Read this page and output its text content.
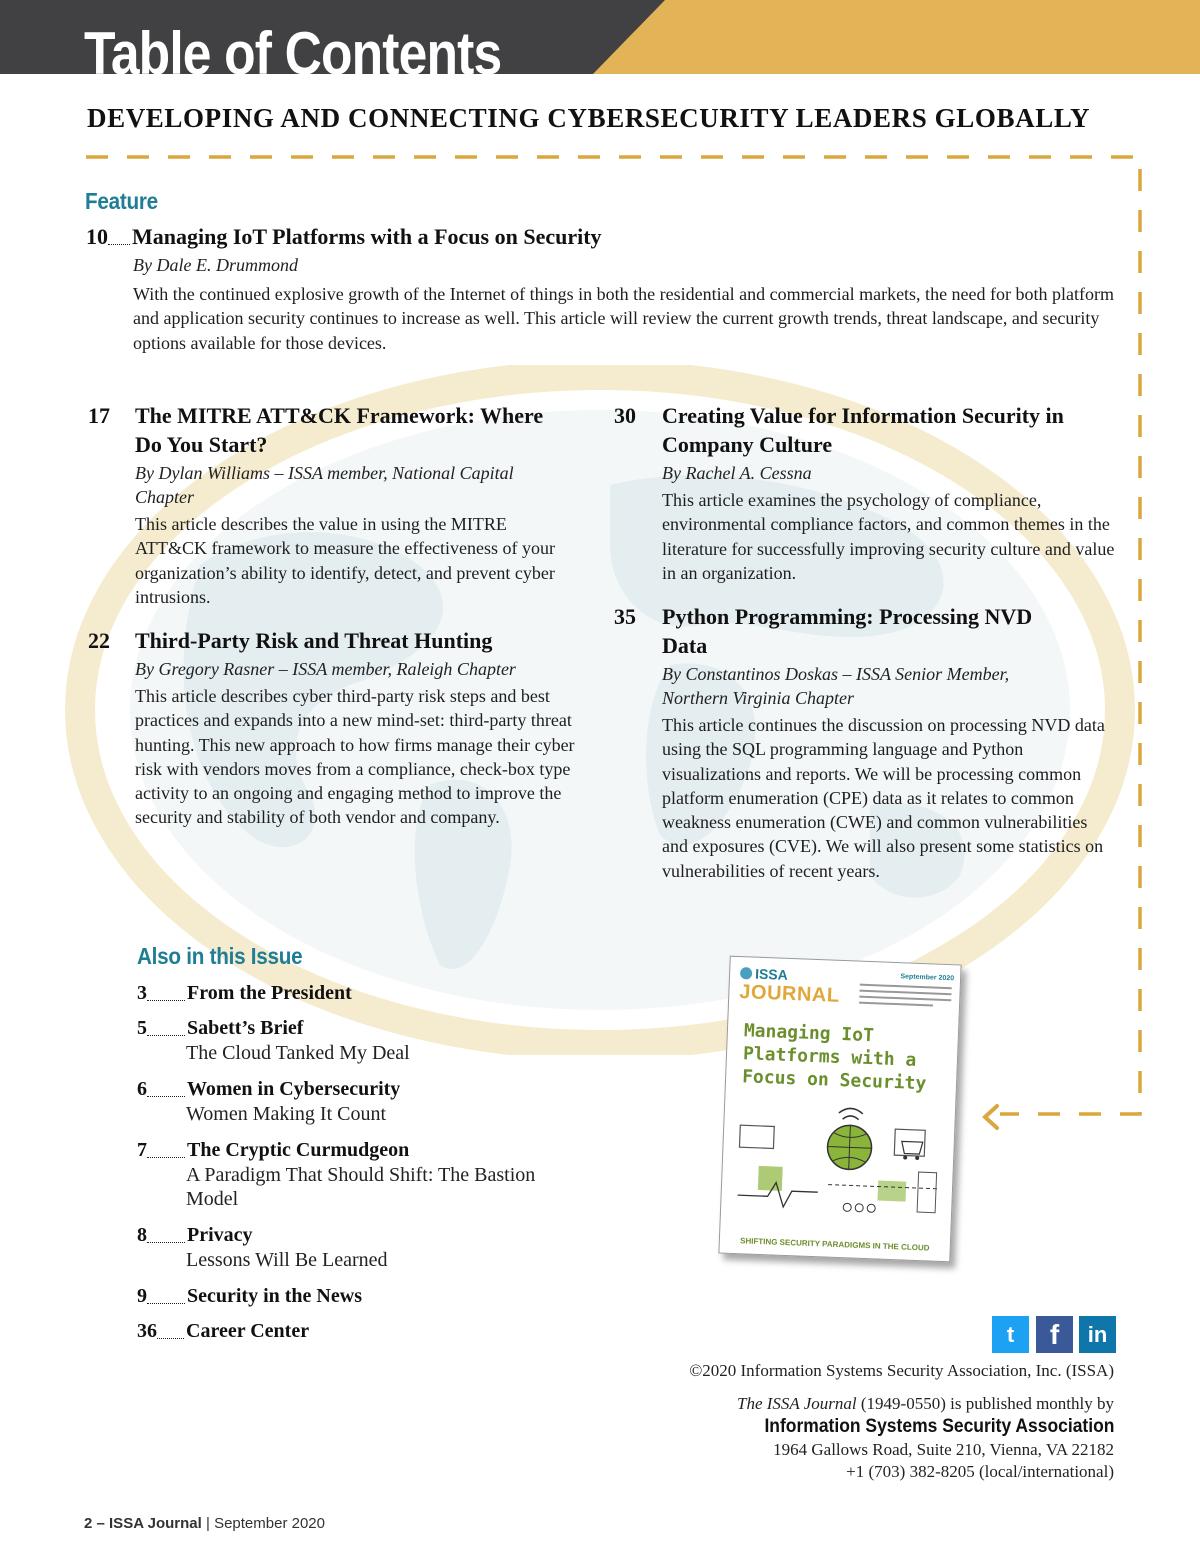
Table of Contents
DEVELOPING AND CONNECTING CYBERSECURITY LEADERS GLOBALLY
Feature
10 Managing IoT Platforms with a Focus on Security
By Dale E. Drummond
With the continued explosive growth of the Internet of things in both the residential and commercial markets, the need for both platform and application security continues to increase as well. This article will review the current growth trends, threat landscape, and security options available for those devices.
17 The MITRE ATT&CK Framework: Where Do You Start?
By Dylan Williams – ISSA member, National Capital Chapter
This article describes the value in using the MITRE ATT&CK framework to measure the effectiveness of your organization’s ability to identify, detect, and prevent cyber intrusions.
22 Third-Party Risk and Threat Hunting
By Gregory Rasner – ISSA member, Raleigh Chapter
This article describes cyber third-party risk steps and best practices and expands into a new mind-set: third-party threat hunting. This new approach to how firms manage their cyber risk with vendors moves from a compliance, check-box type activity to an ongoing and engaging method to improve the security and stability of both vendor and company.
30 Creating Value for Information Security in Company Culture
By Rachel A. Cessna
This article examines the psychology of compliance, environmental compliance factors, and common themes in the literature for successfully improving security culture and value in an organization.
35 Python Programming: Processing NVD Data
By Constantinos Doskas – ISSA Senior Member, Northern Virginia Chapter
This article continues the discussion on processing NVD data using the SQL programming language and Python visualizations and reports. We will be processing common platform enumeration (CPE) data as it relates to common weakness enumeration (CWE) and common vulnerabilities and exposures (CVE). We will also present some statistics on vulnerabilities of recent years.
Also in this Issue
3 From the President
5 Sabett’s Brief
The Cloud Tanked My Deal
6 Women in Cybersecurity
Women Making It Count
7 The Cryptic Curmudgeon
A Paradigm That Should Shift: The Bastion Model
8 Privacy
Lessons Will Be Learned
9 Security in the News
36 Career Center
ISSA
JOURNAL
September 2020
Managing IoT Platforms with a Focus on Security
SHIFTING SECURITY PARADIGMS IN THE CLOUD
t f in
©2020 Information Systems Security Association, Inc. (ISSA)
The ISSA Journal (1949-0550) is published monthly by
Information Systems Security Association
1964 Gallows Road, Suite 210, Vienna, VA 22182
+1 (703) 382-8205 (local/international)
2 – ISSA Journal | September 2020
